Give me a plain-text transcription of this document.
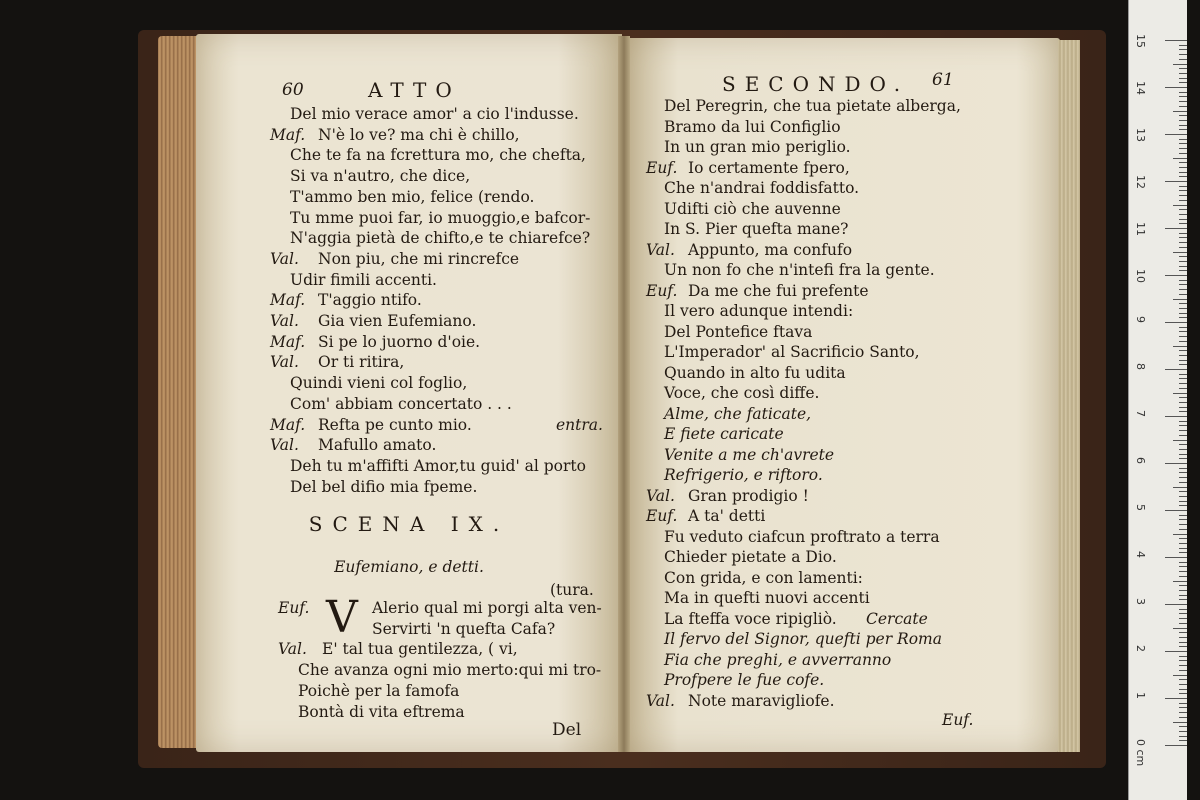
15
14
13
12
11
10
9
8
7
6
5
4
3
2
1
0 cm
60	ATTO
Del mio verace amor' a cio l'indusse.
Maf. N'è lo ve? ma chi è chillo,
Che te fa na fcrettura mo, che chefta,
Si va n'autro, che dice,
T'ammo ben mio, felice (rendo.
Tu mme puoi far, io muoggio,e bafcor-
N'aggia pietà de chifto,e te chiarefce?
Val. Non piu, che mi rincrefce
Udir fimili accenti.
Maf. T'aggio ntifo.
Val. Gia vien Eufemiano.
Maf. Si pe lo juorno d'oie.
Val. Or ti ritira,
Quindi vieni col foglio,
Com' abbiam concertato . . .
Maf. Refta pe cunto mio.	entra.
Val. Mafullo amato.
Deh tu m'affifti Amor,tu guid' al porto
Del bel difio mia fpeme.
SCENA IX.
Eufemiano, e detti.
(tura.
V
Euf.	Alerio qual mi porgi alta ven-
Servirti 'n quefta Cafa?
Val. E' tal tua gentilezza, ( vi,
Che avanza ogni mio merto:qui mi tro-
Poichè per la famofa
Bontà di vita eftrema
Del
SECONDO. 61
Del Peregrin, che tua pietate alberga,
Bramo da lui Configlio
In un gran mio periglio.
Euf. Io certamente fpero,
Che n'andrai foddisfatto.
Udifti ciò che auvenne
In S. Pier quefta mane?
Val. Appunto, ma confufo
Un non fo che n'intefi fra la gente.
Euf. Da me che fui prefente
Il vero adunque intendi:
Del Pontefice ftava
L'Imperador' al Sacrificio Santo,
Quando in alto fu udita
Voce, che così diffe.
Alme, che faticate,
E fiete caricate
Venite a me ch'avrete
Refrigerio, e riftoro.
Val. Gran prodigio !
Euf. A ta' detti
Fu veduto ciafcun proftrato a terra
Chieder pietate a Dio.
Con grida, e con lamenti:
Ma in quefti nuovi accenti
La fteffa voce ripigliò. Cercate
Il fervo del Signor, quefti per Roma
Fia che preghi, e avverranno
Profpere le fue cofe.
Val. Note maravigliofe.
Euf.
